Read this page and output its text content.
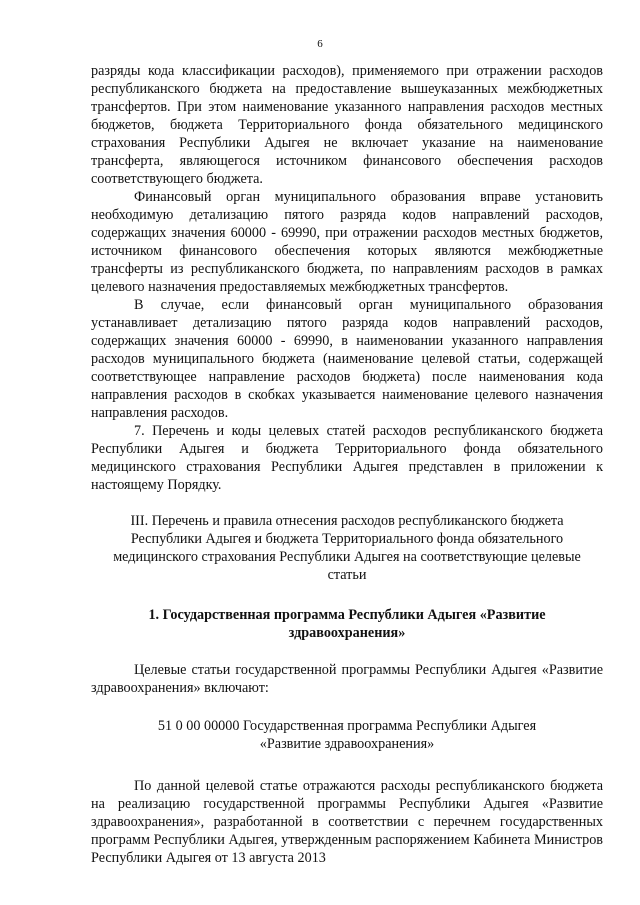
6

разряды кода классификации расходов), применяемого при отражении расходов республиканского бюджета на предоставление вышеуказанных межбюджетных трансфертов. При этом наименование указанного направления расходов местных бюджетов, бюджета Территориального фонда обязательного медицинского страхования Республики Адыгея не включает указание на наименование трансферта, являющегося источником финансового обеспечения расходов соответствующего бюджета.

Финансовый орган муниципального образования вправе установить необходимую детализацию пятого разряда кодов направлений расходов, содержащих значения 60000 - 69990, при отражении расходов местных бюджетов, источником финансового обеспечения которых являются межбюджетные трансферты из республиканского бюджета, по направлениям расходов в рамках целевого назначения предоставляемых межбюджетных трансфертов.

В случае, если финансовый орган муниципального образования устанавливает детализацию пятого разряда кодов направлений расходов, содержащих значения 60000 - 69990, в наименовании указанного направления расходов муниципального бюджета (наименование целевой статьи, содержащей соответствующее направление расходов бюджета) после наименования кода направления расходов в скобках указывается наименование целевого назначения направления расходов.

7. Перечень и коды целевых статей расходов республиканского бюджета Республики Адыгея и бюджета Территориального фонда обязательного медицинского страхования Республики Адыгея представлен в приложении к настоящему Порядку.

III. Перечень и правила отнесения расходов республиканского бюджета
Республики Адыгея и бюджета Территориального фонда обязательного
медицинского страхования Республики Адыгея на соответствующие целевые
статьи
1. Государственная программа Республики Адыгея «Развитие
здравоохранения»

Целевые статьи государственной программы Республики Адыгея «Развитие здравоохранения» включают:

51 0 00 00000 Государственная программа Республики Адыгея
«Развитие здравоохранения»

По данной целевой статье отражаются расходы республиканского бюджета на реализацию государственной программы Республики Адыгея «Развитие здравоохранения», разработанной в соответствии с перечнем государственных программ Республики Адыгея, утвержденным распоряжением Кабинета Министров Республики Адыгея от 13 августа 2013
